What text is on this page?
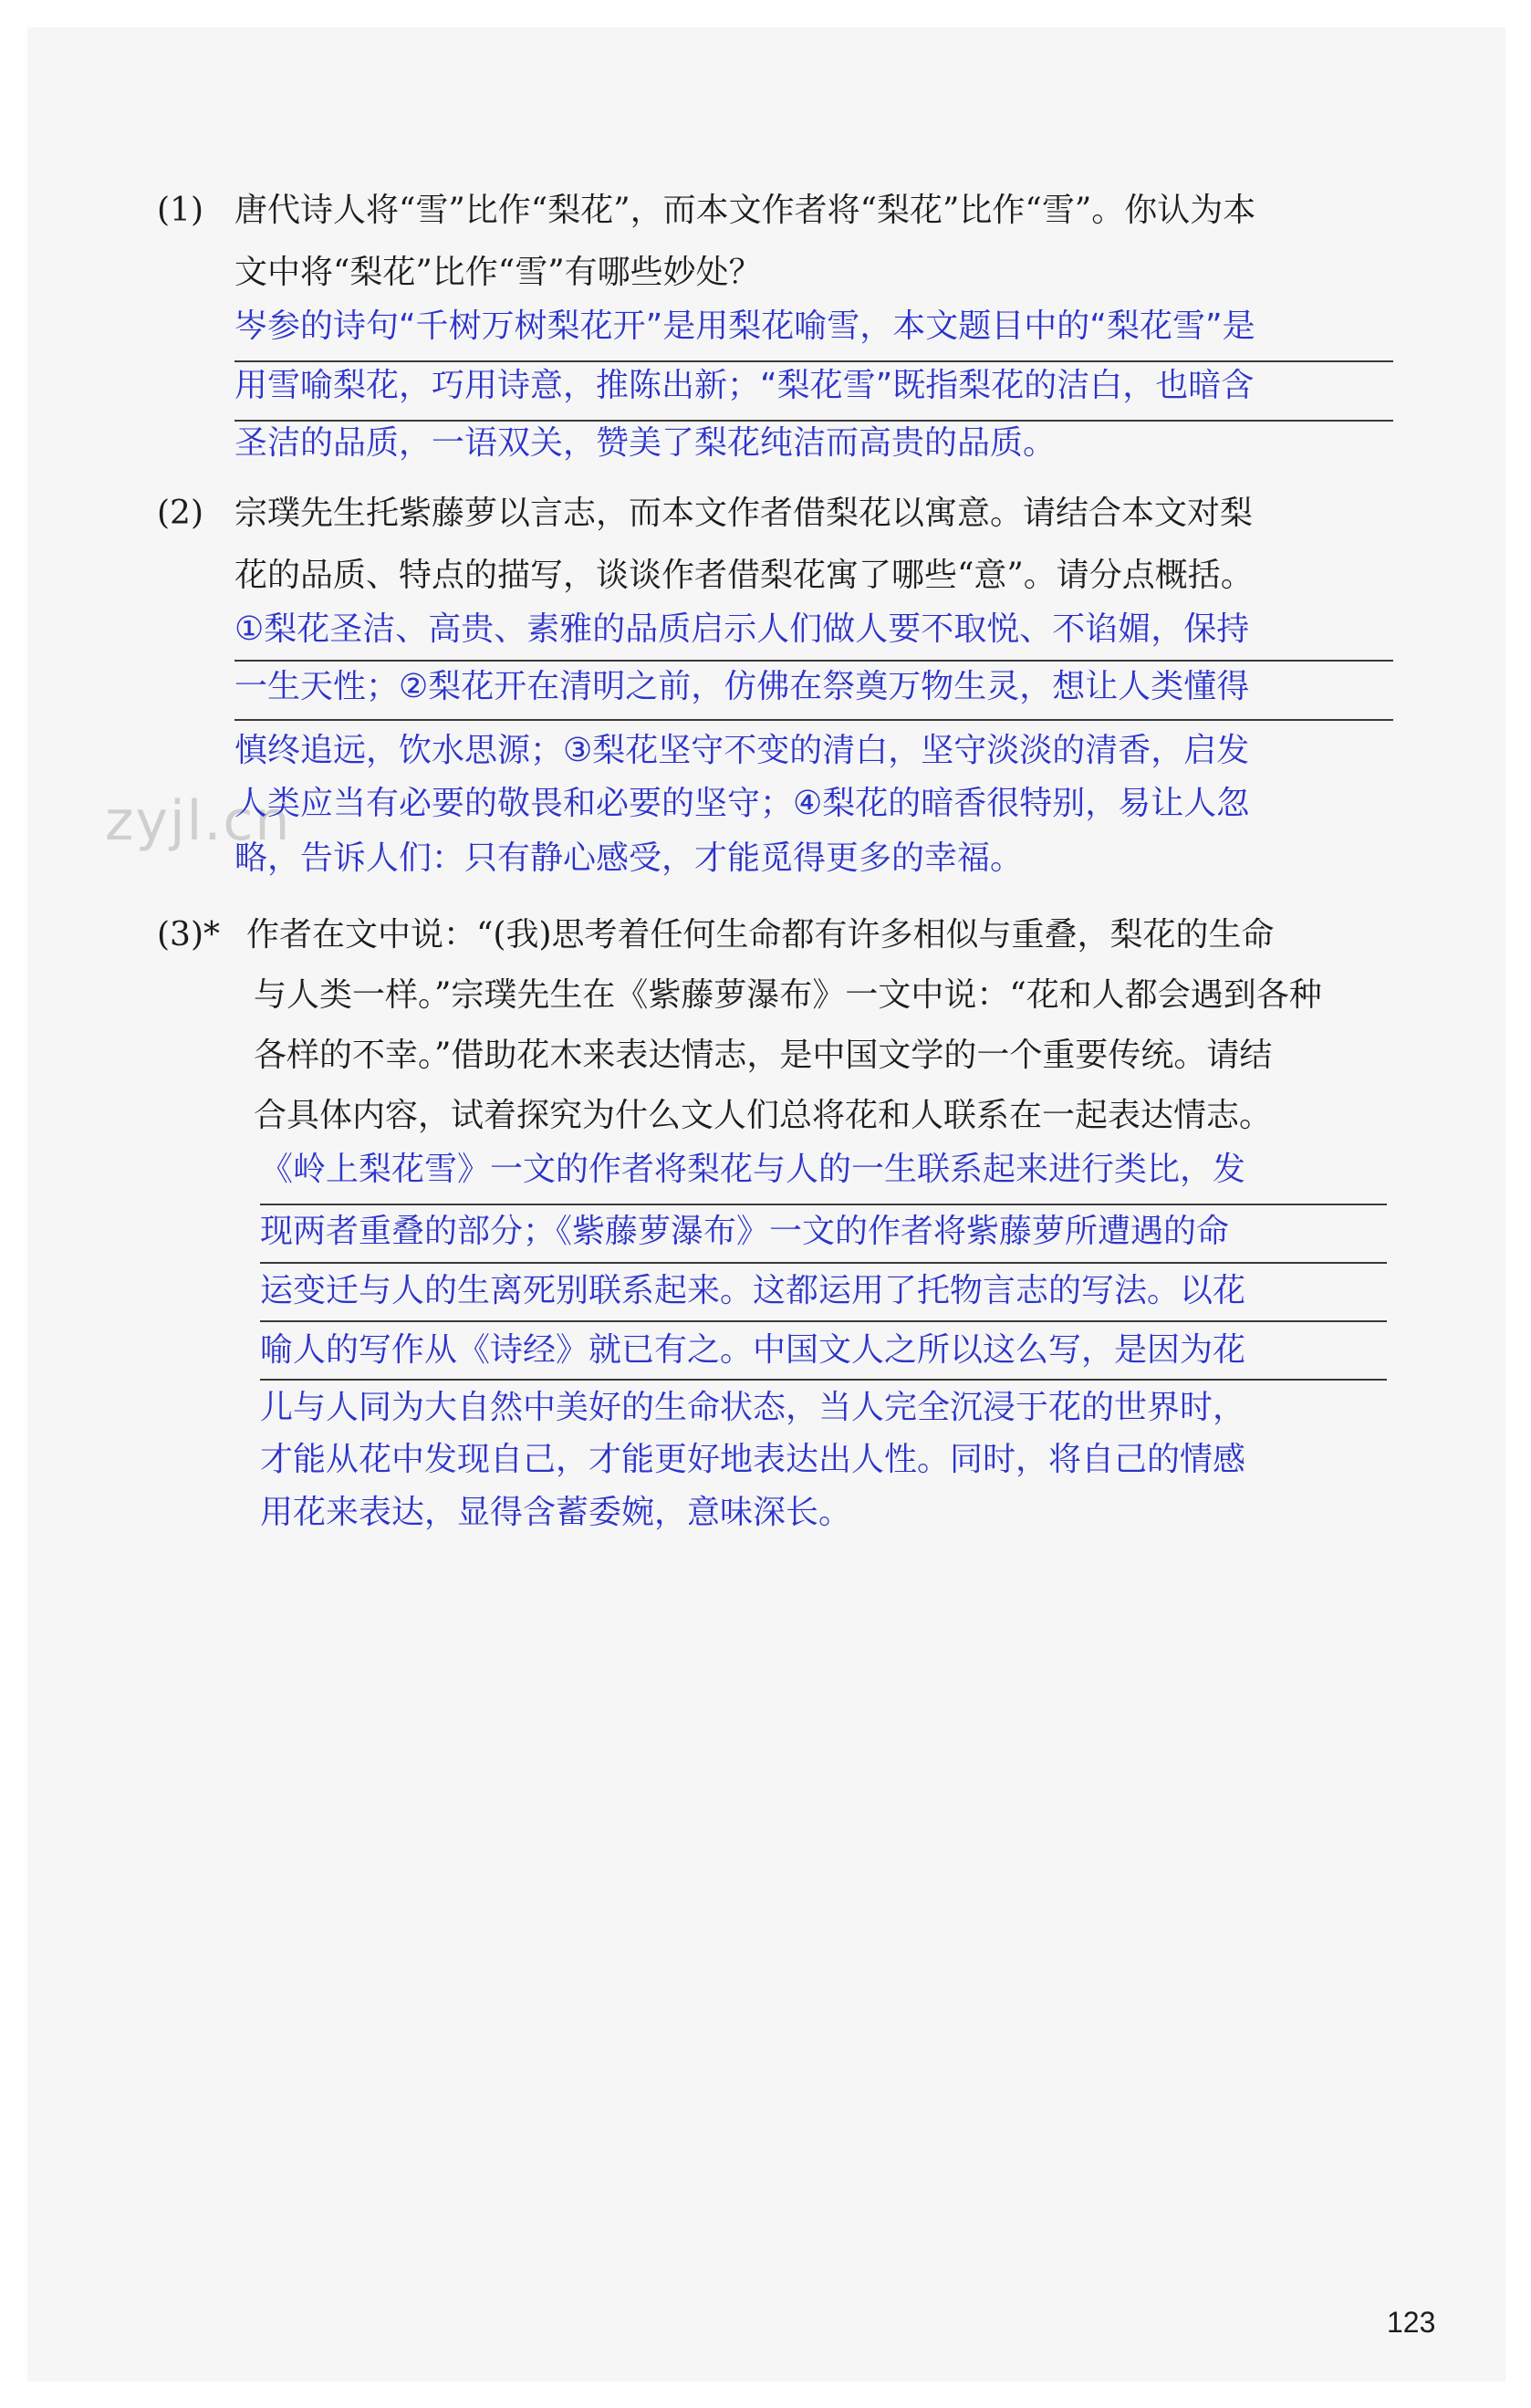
zyjl.cn
(1) 唐代诗人将“雪”比作“梨花”，而本文作者将“梨花”比作“雪”。你认为本
文中将“梨花”比作“雪”有哪些妙处？
岑参的诗句“千树万树梨花开”是用梨花喻雪，本文题目中的“梨花雪”是
用雪喻梨花，巧用诗意，推陈出新；“梨花雪”既指梨花的洁白，也暗含
圣洁的品质，一语双关，赞美了梨花纯洁而高贵的品质。
(2) 宗璞先生托紫藤萝以言志，而本文作者借梨花以寓意。请结合本文对梨
花的品质、特点的描写，谈谈作者借梨花寓了哪些“意”。请分点概括。
①梨花圣洁、高贵、素雅的品质启示人们做人要不取悦、不谄媚，保持
一生天性；②梨花开在清明之前，仿佛在祭奠万物生灵，想让人类懂得
慎终追远，饮水思源；③梨花坚守不变的清白，坚守淡淡的清香，启发
人类应当有必要的敬畏和必要的坚守；④梨花的暗香很特别，易让人忽
略，告诉人们：只有静心感受，才能觅得更多的幸福。
(3)* 作者在文中说：“(我)思考着任何生命都有许多相似与重叠，梨花的生命
与人类一样。”宗璞先生在《紫藤萝瀑布》一文中说：“花和人都会遇到各种
各样的不幸。”借助花木来表达情志，是中国文学的一个重要传统。请结
合具体内容，试着探究为什么文人们总将花和人联系在一起表达情志。
《岭上梨花雪》一文的作者将梨花与人的一生联系起来进行类比，发
现两者重叠的部分；《紫藤萝瀑布》一文的作者将紫藤萝所遭遇的命
运变迁与人的生离死别联系起来。这都运用了托物言志的写法。以花
喻人的写作从《诗经》就已有之。中国文人之所以这么写，是因为花
儿与人同为大自然中美好的生命状态，当人完全沉浸于花的世界时，
才能从花中发现自己，才能更好地表达出人性。同时，将自己的情感
用花来表达，显得含蓄委婉，意味深长。
123
